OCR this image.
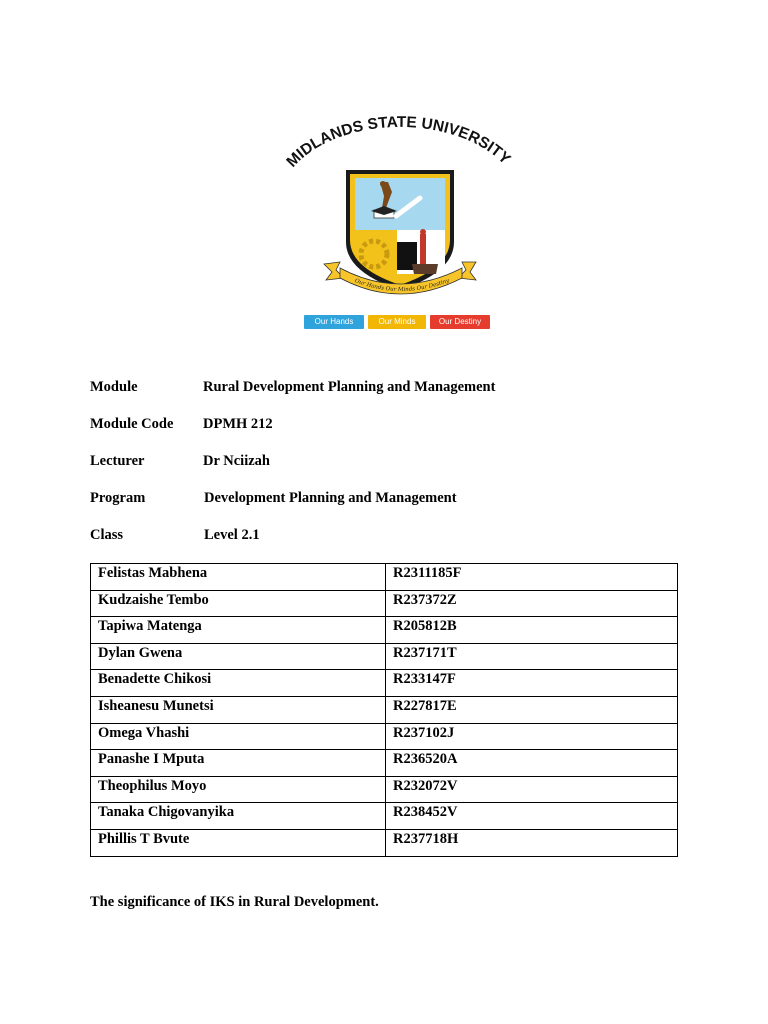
MIDLANDS STATE UNIVERSITY
Our Hands Our Minds Our Destiny
Our Hands	Our Minds	Our Destiny
Module	Rural Development Planning and Management
Module Code DPMH 212
Lecturer	Dr Nciizah
Program	Development Planning and Management
Class	Level 2.1
Felistas Mabhena	R2311185F
Kudzaishe Tembo	R237372Z
Tapiwa Matenga	R205812B
Dylan Gwena	R237171T
Benadette Chikosi	R233147F
Isheanesu Munetsi	R227817E
Omega Vhashi	R237102J
Panashe I Mputa	R236520A
Theophilus Moyo	R232072V
Tanaka Chigovanyika	R238452V
Phillis T Bvute	R237718H
The significance of IKS in Rural Development.
